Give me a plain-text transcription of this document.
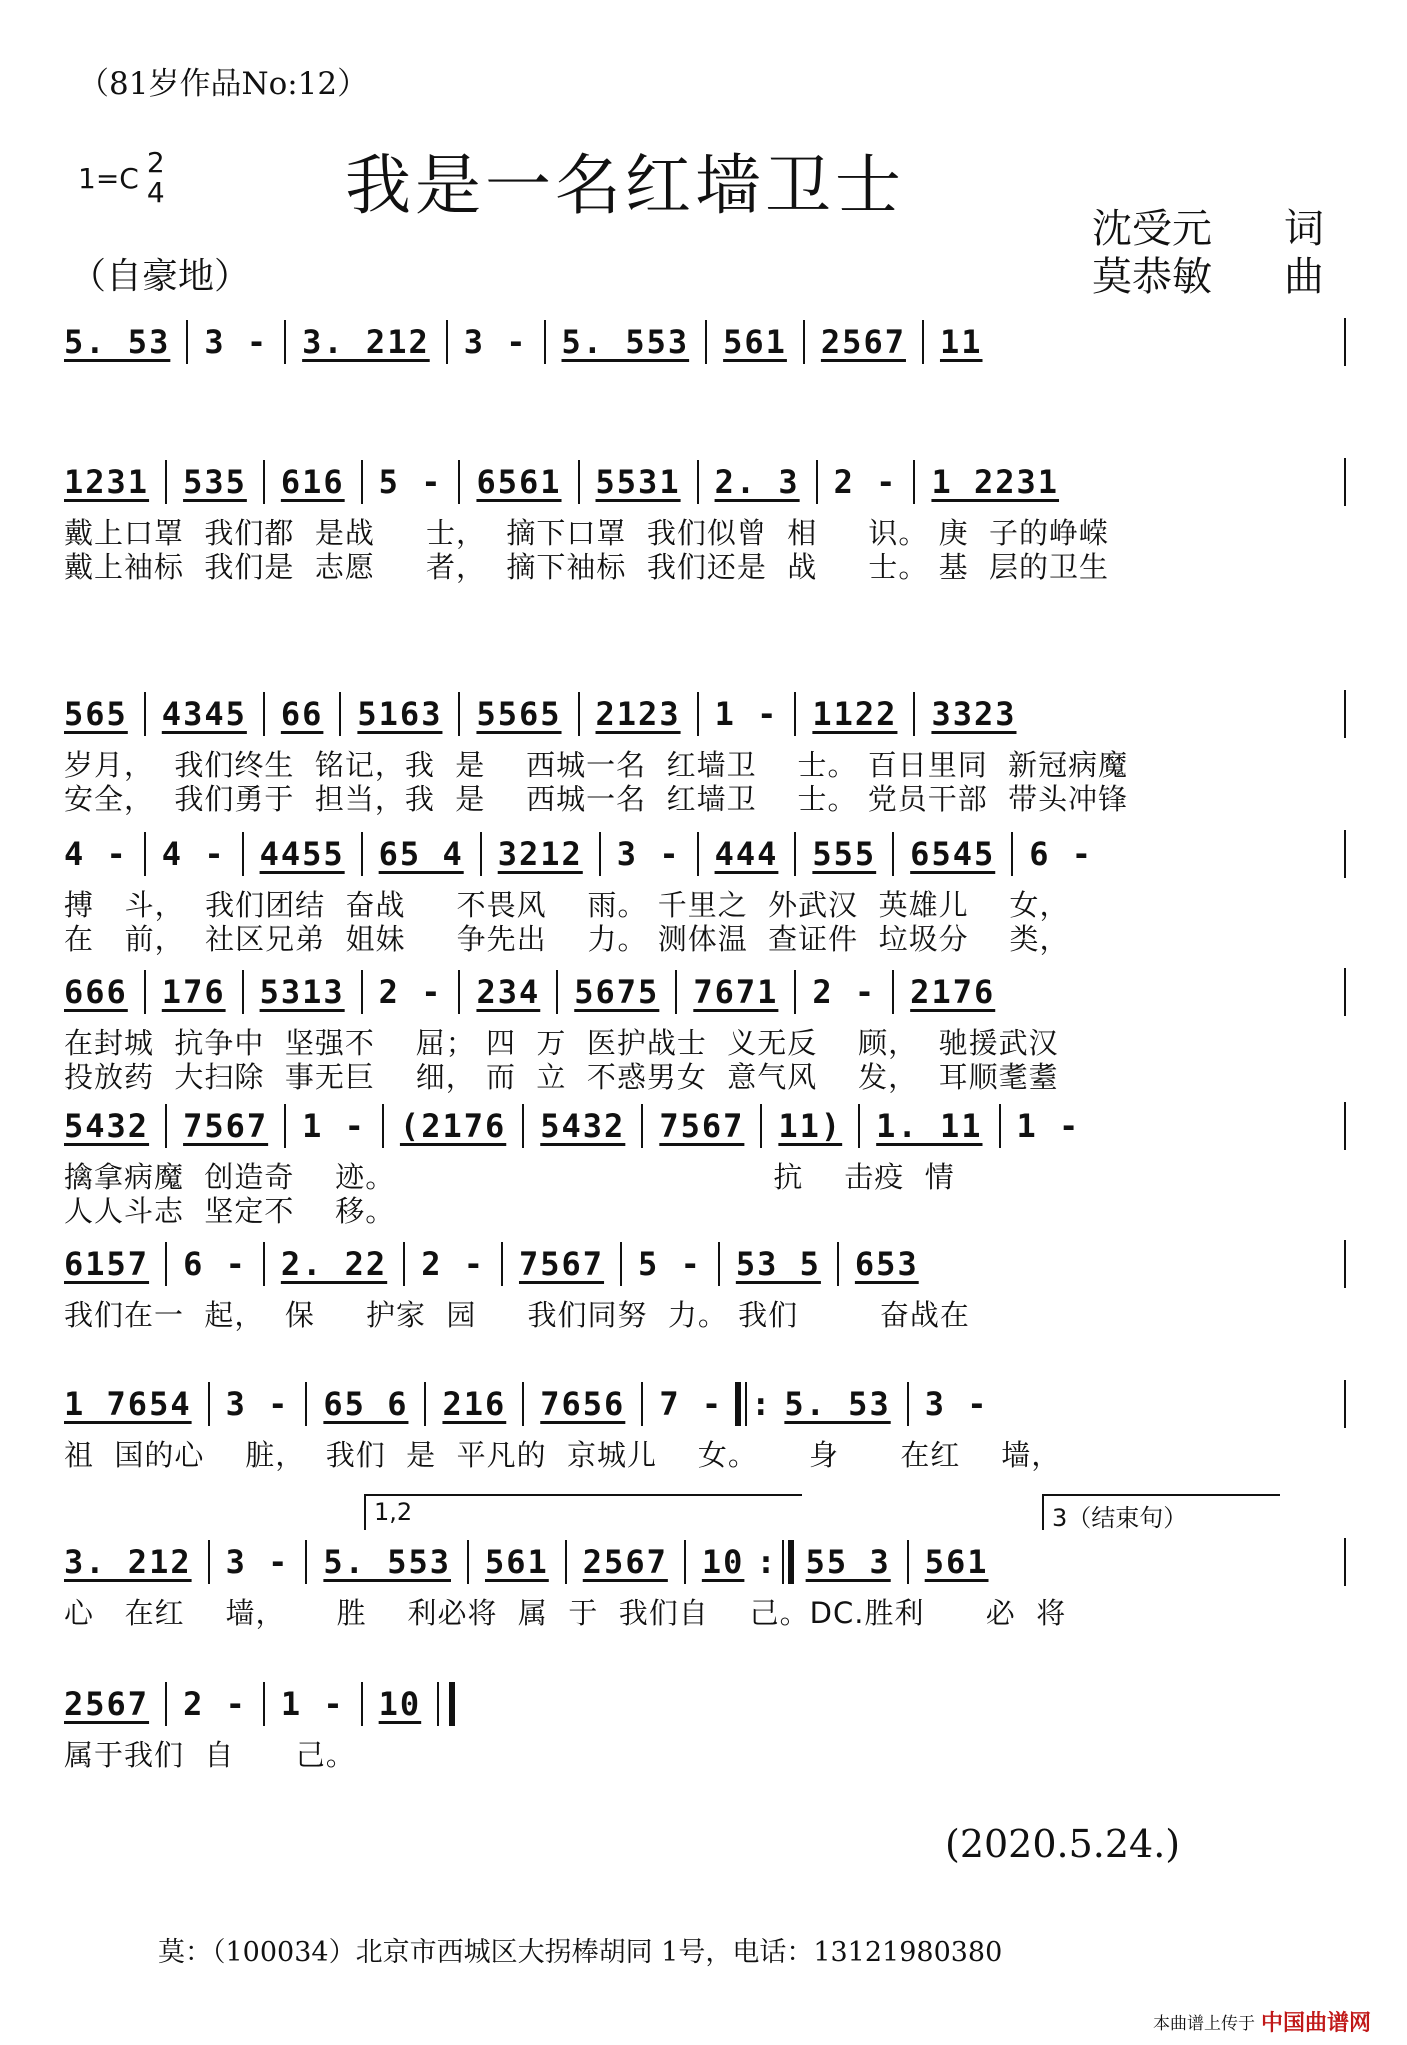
（81岁作品No:12）
1=C 2
4	我是一名红墙卫士
（自豪地）
沈受元 词
莫恭敏 曲
5. 53 3 - 3. 212 3 - 5. 553 561 2567 11
1231 535 616 5 - 6561 5531 2. 3 2 - 1 2231
戴上口罩  我们都  是战     士，  摘下口罩  我们似曾  相     识。 庚  子的峥嵘
戴上袖标  我们是  志愿     者，  摘下袖标  我们还是  战     士。 基  层的卫生
565 4345 66 5163 5565 2123 1 - 1122 3323
岁月，  我们终生  铭记，我  是    西城一名  红墙卫    士。 百日里同  新冠病魔
安全，  我们勇于  担当，我  是    西城一名  红墙卫    士。 党员干部  带头冲锋
4 - 4 - 4455 65 4 3212 3 - 444 555 6545 6 -
搏   斗，  我们团结  奋战     不畏风    雨。 千里之  外武汉  英雄儿    女，
在   前，  社区兄弟  姐妹     争先出    力。 测体温  查证件  垃圾分    类，
666 176 5313 2 - 234 5675 7671 2 - 2176
在封城  抗争中  坚强不    屈； 四  万  医护战士  义无反    顾，  驰援武汉
投放药  大扫除  事无巨    细， 而  立  不惑男女  意气风    发，  耳顺耄耋
5432 7567 1 - (2176 5432 7567 11) 1. 11 1 -
擒拿病魔  创造奇    迹。                                     抗    击疫  情
人人斗志  坚定不    移。
6157 6 - 2. 22 2 - 7567 5 - 53 5 653
我们在一  起，  保     护家  园     我们同努  力。 我们        奋战在
1 7654 3 - 65 6 216 7656 7 - : 5. 53 3 -
祖  国的心    脏，  我们  是  平凡的  京城儿    女。     身      在红    墙，
3. 212 3 - 5. 553 561 2567 10 : 55 3 561
1,2	3（结束句）
心   在红    墙，     胜    利必将  属  于  我们自    己。DC.胜利      必  将
2567 2 - 1 - 10
属于我们  自      己。
(2020.5.24.)
莫：（100034）北京市西城区大拐棒胡同 1号，电话：13121980380
本曲谱上传于 中国曲谱网
